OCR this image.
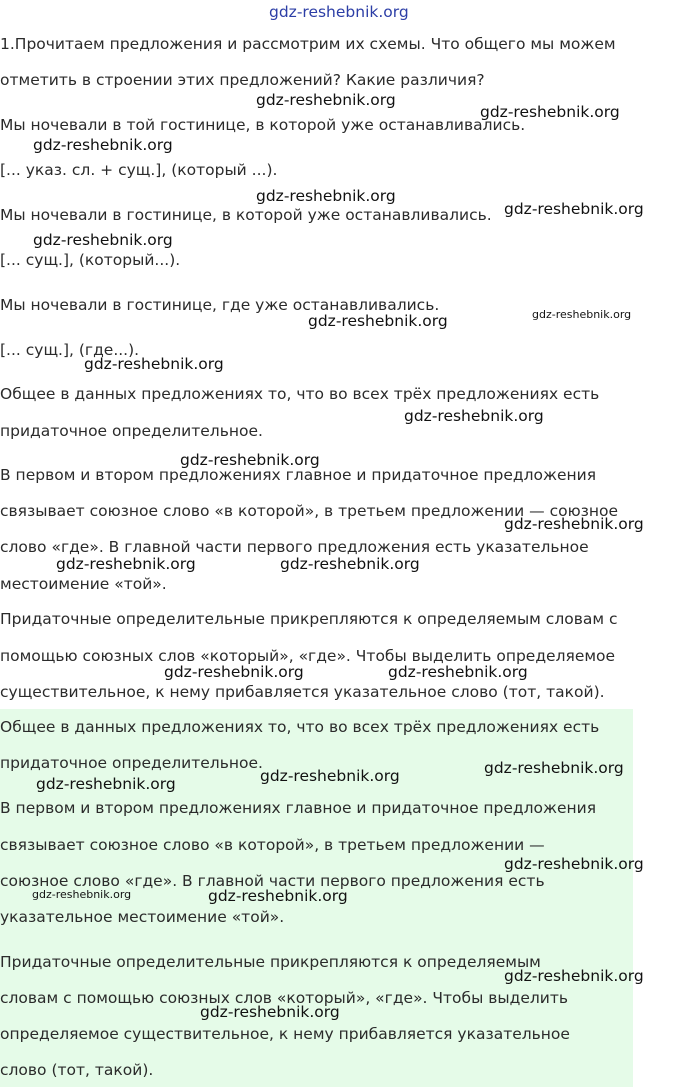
gdz-reshebnik.org

1.Прочитаем предложения и рассмотрим их схемы. Что общего мы можем

отметить в строении этих предложений? Какие различия?

Мы ночевали в той гостинице, в которой уже останавливались.

[... указ. сл. + сущ.], (который ...).

Мы ночевали в гостинице, в которой уже останавливались.

[... сущ.], (который...).

Мы ночевали в гостинице, где уже останавливались.

[... сущ.], (где...).

Общее в данных предложениях то, что во всех трёх предложениях есть

придаточное определительное.

В первом и втором предложениях главное и придаточное предложения

связывает союзное слово «в которой», в третьем предложении — союзное

слово «где». В главной части первого предложения есть указательное

местоимение «той».

Придаточные определительные прикрепляются к определяемым словам с

помощью союзных слов «который», «где». Чтобы выделить определяемое

существительное, к нему прибавляется указательное слово (тот, такой).

Общее в данных предложениях то, что во всех трёх предложениях есть

придаточное определительное.

В первом и втором предложениях главное и придаточное предложения

связывает союзное слово «в которой», в третьем предложении —

союзное слово «где». В главной части первого предложения есть

указательное местоимение «той».

Придаточные определительные прикрепляются к определяемым

словам с помощью союзных слов «который», «где». Чтобы выделить

определяемое существительное, к нему прибавляется указательное

слово (тот, такой).

gdz-reshebnik.org

gdz-reshebnik.org

gdz-reshebnik.org

gdz-reshebnik.org

gdz-reshebnik.org

gdz-reshebnik.org

gdz-reshebnik.org

gdz-reshebnik.org

gdz-reshebnik.org

gdz-reshebnik.org

gdz-reshebnik.org

gdz-reshebnik.org

gdz-reshebnik.org	gdz-reshebnik.org

gdz-reshebnik.org	gdz-reshebnik.org

gdz-reshebnik.org

gdz-reshebnik.org

gdz-reshebnik.org

gdz-reshebnik.org

gdz-reshebnik.org	gdz-reshebnik.org

gdz-reshebnik.org

gdz-reshebnik.org
